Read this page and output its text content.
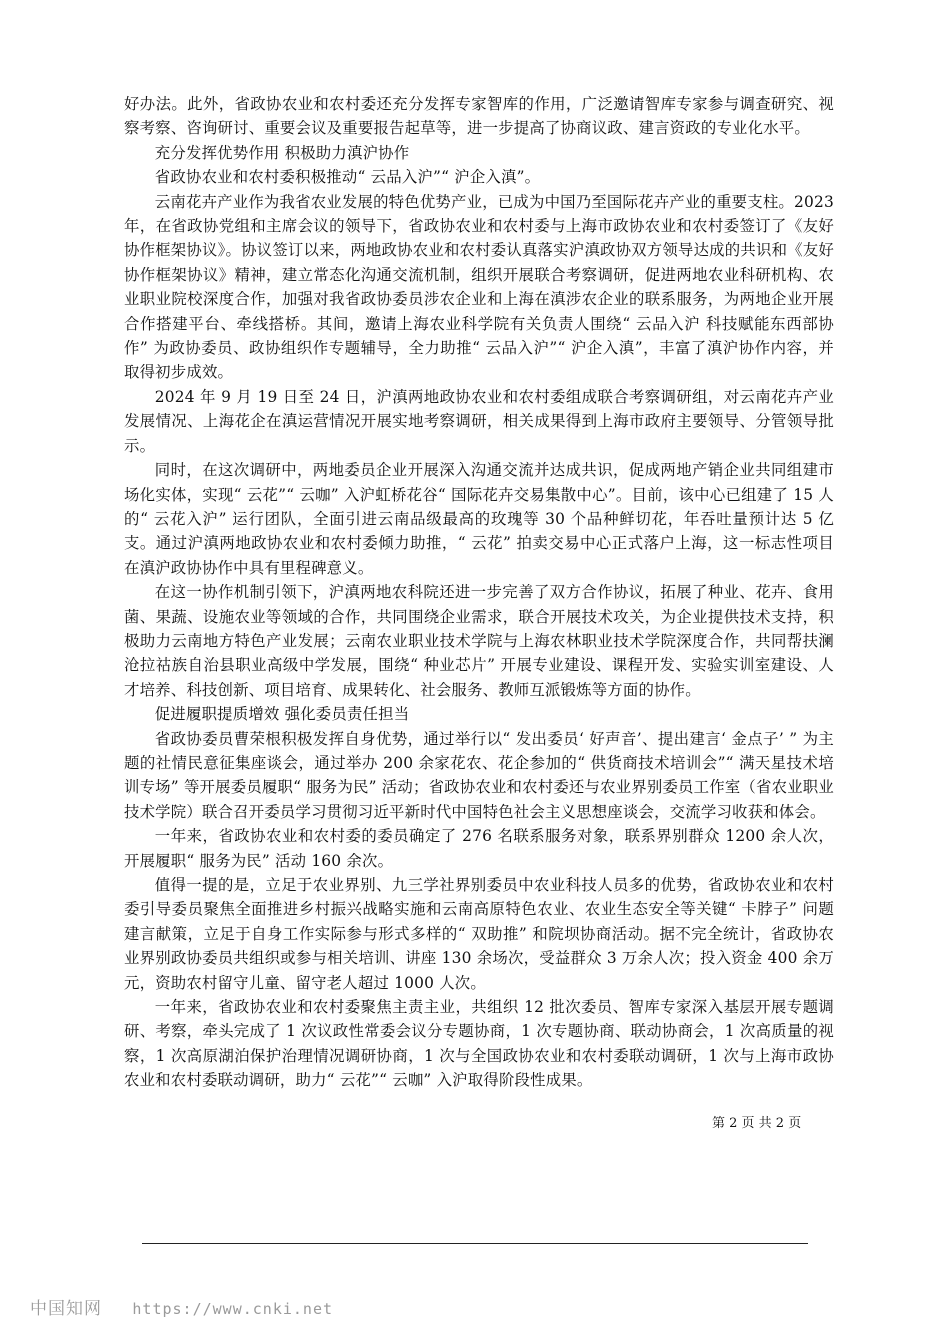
好办法。此外，省政协农业和农村委还充分发挥专家智库的作用，广泛邀请智库专家参与调查研究、视察考察、咨询研讨、重要会议及重要报告起草等，进一步提高了协商议政、建言资政的专业化水平。

充分发挥优势作用 积极助力滇沪协作

省政协农业和农村委积极推动“ 云品入沪”“ 沪企入滇”。

云南花卉产业作为我省农业发展的特色优势产业，已成为中国乃至国际花卉产业的重要支柱。2023 年，在省政协党组和主席会议的领导下，省政协农业和农村委与上海市政协农业和农村委签订了《友好协作框架协议》。协议签订以来，两地政协农业和农村委认真落实沪滇政协双方领导达成的共识和《友好协作框架协议》精神，建立常态化沟通交流机制，组织开展联合考察调研，促进两地农业科研机构、农业职业院校深度合作，加强对我省政协委员涉农企业和上海在滇涉农企业的联系服务，为两地企业开展合作搭建平台、牵线搭桥。其间，邀请上海农业科学院有关负责人围绕“ 云品入沪 科技赋能东西部协作” 为政协委员、政协组织作专题辅导，全力助推“ 云品入沪”“ 沪企入滇”，丰富了滇沪协作内容，并取得初步成效。

2024 年 9 月 19 日至 24 日，沪滇两地政协农业和农村委组成联合考察调研组，对云南花卉产业发展情况、上海花企在滇运营情况开展实地考察调研，相关成果得到上海市政府主要领导、分管领导批示。

同时，在这次调研中，两地委员企业开展深入沟通交流并达成共识，促成两地产销企业共同组建市场化实体，实现“ 云花”“ 云咖” 入沪虹桥花谷“ 国际花卉交易集散中心”。目前，该中心已组建了 15 人的“ 云花入沪” 运行团队，全面引进云南品级最高的玫瑰等 30 个品种鲜切花，年吞吐量预计达 5 亿支。通过沪滇两地政协农业和农村委倾力助推，“ 云花” 拍卖交易中心正式落户上海，这一标志性项目在滇沪政协协作中具有里程碑意义。

在这一协作机制引领下，沪滇两地农科院还进一步完善了双方合作协议，拓展了种业、花卉、食用菌、果蔬、设施农业等领域的合作，共同围绕企业需求，联合开展技术攻关，为企业提供技术支持，积极助力云南地方特色产业发展；云南农业职业技术学院与上海农林职业技术学院深度合作，共同帮扶澜沧拉祜族自治县职业高级中学发展，围绕“ 种业芯片” 开展专业建设、课程开发、实验实训室建设、人才培养、科技创新、项目培育、成果转化、社会服务、教师互派锻炼等方面的协作。

促进履职提质增效 强化委员责任担当

省政协委员曹荣根积极发挥自身优势，通过举行以“ 发出委员‘ 好声音’、提出建言‘ 金点子’ ” 为主题的社情民意征集座谈会，通过举办 200 余家花农、花企参加的“ 供货商技术培训会”“ 满天星技术培训专场” 等开展委员履职“ 服务为民” 活动；省政协农业和农村委还与农业界别委员工作室（省农业职业技术学院）联合召开委员学习贯彻习近平新时代中国特色社会主义思想座谈会，交流学习收获和体会。

一年来，省政协农业和农村委的委员确定了 276 名联系服务对象，联系界别群众 1200 余人次，开展履职“ 服务为民” 活动 160 余次。

值得一提的是，立足于农业界别、九三学社界别委员中农业科技人员多的优势，省政协农业和农村委引导委员聚焦全面推进乡村振兴战略实施和云南高原特色农业、农业生态安全等关键“ 卡脖子” 问题建言献策，立足于自身工作实际参与形式多样的“ 双助推” 和院坝协商活动。据不完全统计，省政协农业界别政协委员共组织或参与相关培训、讲座 130 余场次，受益群众 3 万余人次；投入资金 400 余万元，资助农村留守儿童、留守老人超过 1000 人次。

一年来，省政协农业和农村委聚焦主责主业，共组织 12 批次委员、智库专家深入基层开展专题调研、考察，牵头完成了 1 次议政性常委会议分专题协商，1 次专题协商、联动协商会，1 次高质量的视察，1 次高原湖泊保护治理情况调研协商，1 次与全国政协农业和农村委联动调研，1 次与上海市政协农业和农村委联动调研，助力“ 云花”“ 云咖” 入沪取得阶段性成果。

第 2 页 共 2 页
中国知网 https://www.cnki.net
